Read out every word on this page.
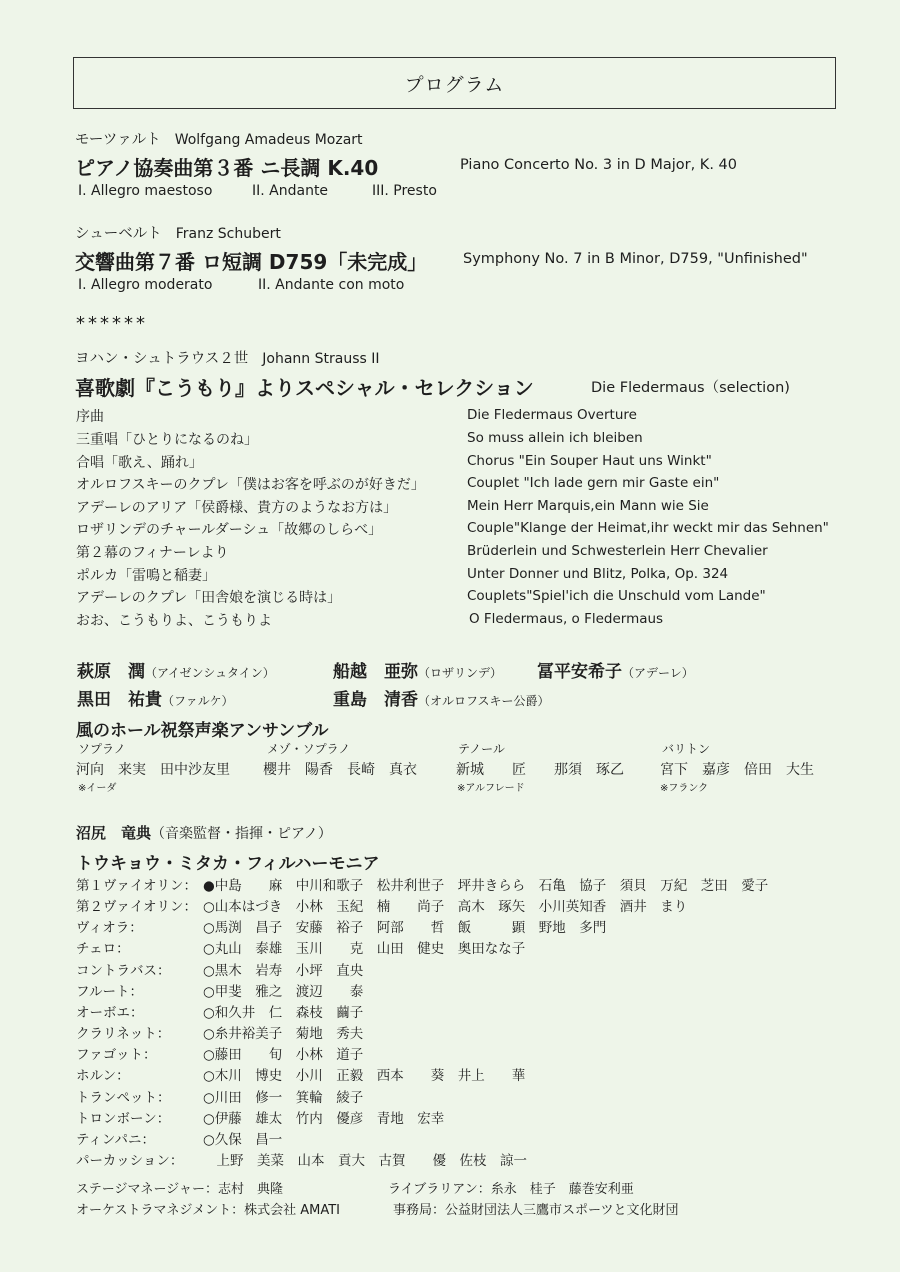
プログラム
モーツァルト Wolfgang Amadeus Mozart
ピアノ協奏曲第３番 ニ長調 K.40	Piano Concerto No. 3 in D Major, K. 40
I. Allegro maestoso	II. Andante	III. Presto
シューベルト Franz Schubert
交響曲第７番 ロ短調 D759「未完成」 Symphony No. 7 in B Minor, D759, "Unfinished"
I. Allegro moderato	II. Andante con moto
******
ヨハン・シュトラウス２世 Johann Strauss II
喜歌劇『こうもり』よりスペシャル・セレクション	Die Fledermaus（selection)
序曲	Die Fledermaus Overture
三重唱「ひとりになるのね」	So muss allein ich bleiben
合唱「歌え、踊れ」	Chorus "Ein Souper Haut uns Winkt"
オルロフスキーのクプレ「僕はお客を呼ぶのが好きだ」	Couplet "Ich lade gern mir Gaste ein"
アデーレのアリア「侯爵様、貴方のようなお方は」	Mein Herr Marquis,ein Mann wie Sie
ロザリンデのチャールダーシュ「故郷のしらべ」	Couple"Klange der Heimat,ihr weckt mir das Sehnen"
第２幕のフィナーレより	Brüderlein und Schwesterlein Herr Chevalier
ポルカ「雷鳴と稲妻」	Unter Donner und Blitz, Polka, Op. 324
アデーレのクプレ「田舎娘を演じる時は」	Couplets"Spiel'ich die Unschuld vom Lande"
おお、こうもりよ、こうもりよ	O Fledermaus, o Fledermaus
萩原　潤（アイゼンシュタイン）	船越　亜弥（ロザリンデ） 冨平安希子（アデーレ）
黒田　祐貴（ファルケ）	重島　清香（オルロフスキー公爵）
風のホール祝祭声楽アンサンブル
ソプラノ
河向　来実　田中沙友里
※イーダ
メゾ・ソプラノ
櫻井　陽香　長崎　真衣
テノール
新城　　匠　　那須　琢乙
※アルフレード
バリトン
宮下　嘉彦　倍田　大生
※フランク
沼尻　竜典（音楽監督・指揮・ピアノ）
トウキョウ・ミタカ・フィルハーモニア
第１ヴァイオリン： ●中島　　麻　中川和歌子　松井利世子　坪井きらら　石亀　協子　須貝　万紀　芝田　愛子
第２ヴァイオリン： ○山本はづき　小林　玉紀　楠　　尚子　高木　琢矢　小川英知香　酒井　まり
ヴィオラ：	○馬渕　昌子　安藤　裕子　阿部　　哲　飯　　　顕　野地　多門
チェロ：	○丸山　泰雄　玉川　　克　山田　健史　奥田なな子
コントラバス： ○黒木　岩寿　小坪　直央
フルート：	○甲斐　雅之　渡辺　　泰
オーボエ：	○和久井　仁　森枝　繭子
クラリネット： ○糸井裕美子　菊地　秀夫
ファゴット：	○藤田　　旬　小林　道子
ホルン：	○木川　博史　小川　正毅　西本　　葵　井上　　華
トランペット： ○川田　修一　箕輪　綾子
トロンボーン： ○伊藤　雄太　竹内　優彦　青地　宏幸
ティンパニ：	○久保　昌一
パーカッション： 　上野　美菜　山本　貢大　古賀　　優　佐枝　諒一
ステージマネージャー：志村　典隆	ライブラリアン：糸永　桂子　藤巻安利亜
オーケストラマネジメント：株式会社 AMATI	事務局：公益財団法人三鷹市スポーツと文化財団
